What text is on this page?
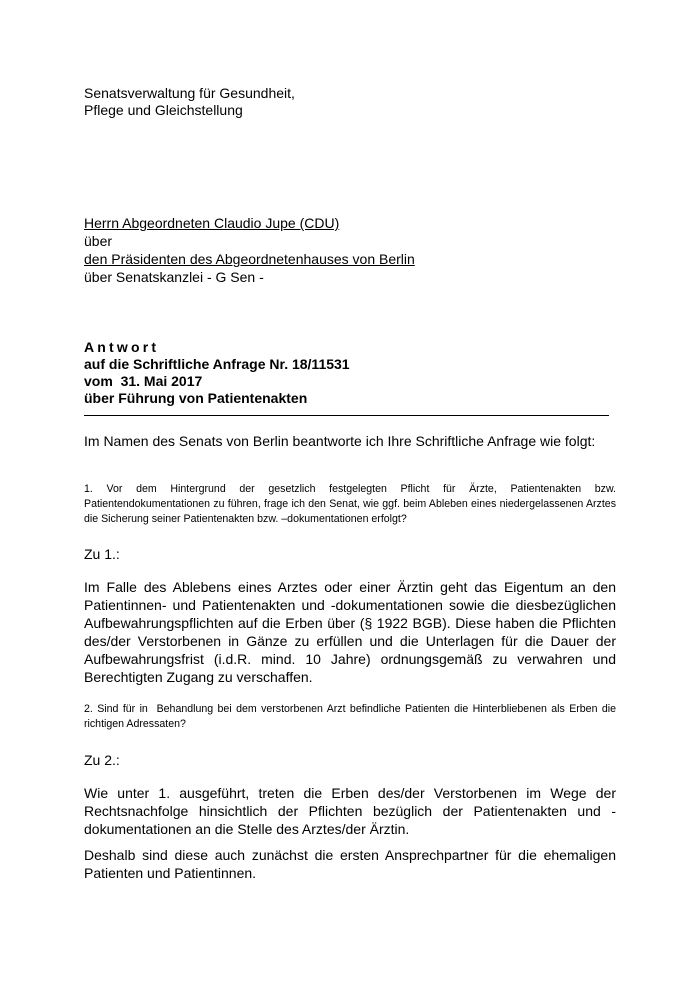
Senatsverwaltung für Gesundheit,
Pflege und Gleichstellung
Herrn Abgeordneten Claudio Jupe (CDU)
über
den Präsidenten des Abgeordnetenhauses von Berlin
über Senatskanzlei - G Sen -
Antwort
auf die Schriftliche Anfrage Nr. 18/11531
vom  31. Mai 2017
über Führung von Patientenakten
Im Namen des Senats von Berlin beantworte ich Ihre Schriftliche Anfrage wie folgt:
1. Vor dem Hintergrund der gesetzlich festgelegten Pflicht für Ärzte, Patientenakten bzw. Patientendokumentationen zu führen, frage ich den Senat, wie ggf. beim Ableben eines niedergelassenen Arztes die Sicherung seiner Patientenakten bzw. –dokumentationen erfolgt?
Zu 1.:
Im Falle des Ablebens eines Arztes oder einer Ärztin geht das Eigentum an den Patientinnen- und Patientenakten und -dokumentationen sowie die diesbezüglichen Aufbewahrungspflichten auf die Erben über (§ 1922 BGB). Diese haben die Pflichten des/der Verstorbenen in Gänze zu erfüllen und die Unterlagen für die Dauer der Aufbewahrungsfrist (i.d.R. mind. 10 Jahre) ordnungsgemäß zu verwahren und Berechtigten Zugang zu verschaffen.
2. Sind für in  Behandlung bei dem verstorbenen Arzt befindliche Patienten die Hinterbliebenen als Erben die richtigen Adressaten?
Zu 2.:
Wie unter 1. ausgeführt, treten die Erben des/der Verstorbenen im Wege der Rechtsnachfolge hinsichtlich der Pflichten bezüglich der Patientenakten und -dokumentationen an die Stelle des Arztes/der Ärztin.
Deshalb sind diese auch zunächst die ersten Ansprechpartner für die ehemaligen Patienten und Patientinnen.
